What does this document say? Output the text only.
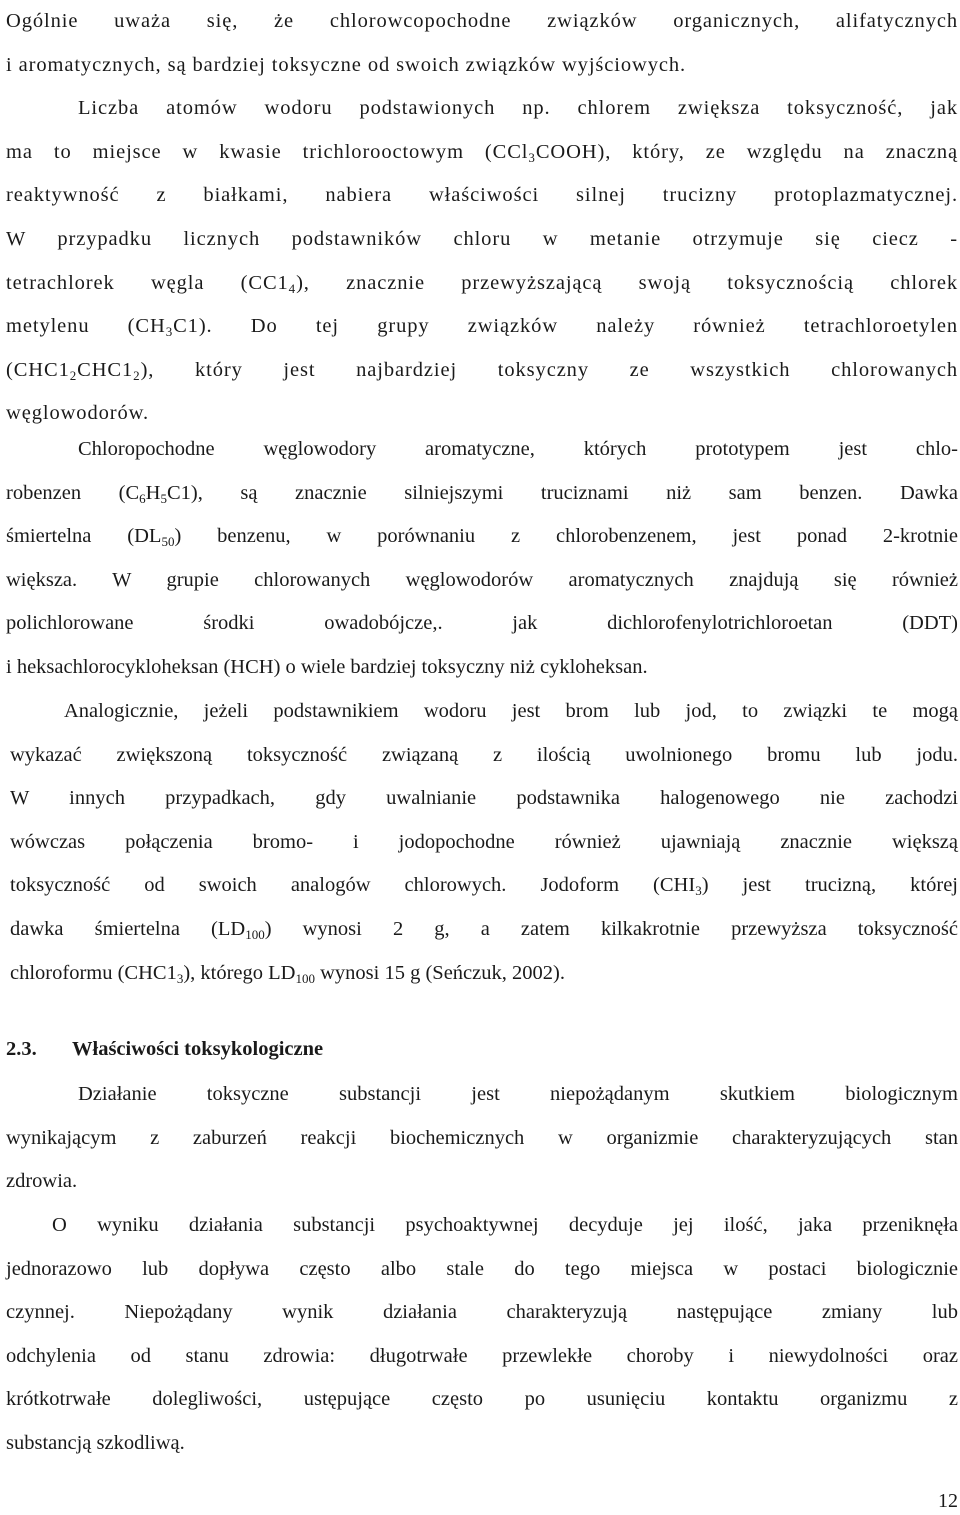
Ogólnie uważa się, że chlorowcopochodne związków organicznych, alifatycznych
i aromatycznych, są bardziej toksyczne od swoich związków wyjściowych.
Liczba atomów wodoru podstawionych np. chlorem zwiększa toksyczność, jak
ma to miejsce w kwasie trichlorooctowym (CCl$_3$COOH), który, ze względu na znaczną
reaktywność z białkami, nabiera właściwości silnej trucizny protoplazmatycznej.
W przypadku licznych podstawników chloru w metanie otrzymuje się ciecz -
tetrachlorek węgla $(CC1_4)$, znacznie przewyższającą swoją toksycznością chlorek
metylenu $(CH_3C1)$. Do tej grupy związków należy również tetrachloroetylen
$(CHC1_2CHC1_2)$, który jest najbardziej toksyczny ze wszystkich chlorowanych
węglowodorów.
Chloropochodne węglowodory aromatyczne, których prototypem jest chlo-
robenzen $(C_6H_5C1)$, są znacznie silniejszymi truciznami niż sam benzen. Dawka
śmiertelna $(DL_{50})$ benzenu, w porównaniu z chlorobenzenem, jest ponad 2-krotnie
większa. W grupie chlorowanych węglowodorów aromatycznych znajdują się również
polichlorowane środki owadobójcze,. jak dichlorofenylotrichloroetan (DDT)
i heksachlorocykloheksan (HCH) o wiele bardziej toksyczny niż cykloheksan.
Analogicznie, jeżeli podstawnikiem wodoru jest brom lub jod, to związki te mogą
wykazać zwiększoną toksyczność związaną z ilością uwolnionego bromu lub jodu.
W innych przypadkach, gdy uwalnianie podstawnika halogenowego nie zachodzi
wówczas połączenia bromo- i jodopochodne również ujawniają znacznie większą
toksyczność od swoich analogów chlorowych. Jodoform $(CHI_3)$ jest trucizną, której
dawka śmiertelna $(LD_{100})$ wynosi 2 g, a zatem kilkakrotnie przewyższa toksyczność
chloroformu $(CHC1_3)$, którego $LD_{100}$ wynosi 15 g (Seńczuk, 2002).
2.3. Właściwości toksykologiczne
Działanie toksyczne substancji jest niepożądanym skutkiem biologicznym
wynikającym z zaburzeń reakcji biochemicznych w organizmie charakteryzujących stan
zdrowia.
O wyniku działania substancji psychoaktywnej decyduje jej ilość, jaka przeniknęła
jednorazowo lub dopływa często albo stale do tego miejsca w postaci biologicznie
czynnej. Niepożądany wynik działania charakteryzują następujące zmiany lub
odchylenia od stanu zdrowia: długotrwałe przewlekłe choroby i niewydolności oraz
krótkotrwałe dolegliwości, ustępujące często po usunięciu kontaktu organizmu z
substancją szkodliwą.
12
